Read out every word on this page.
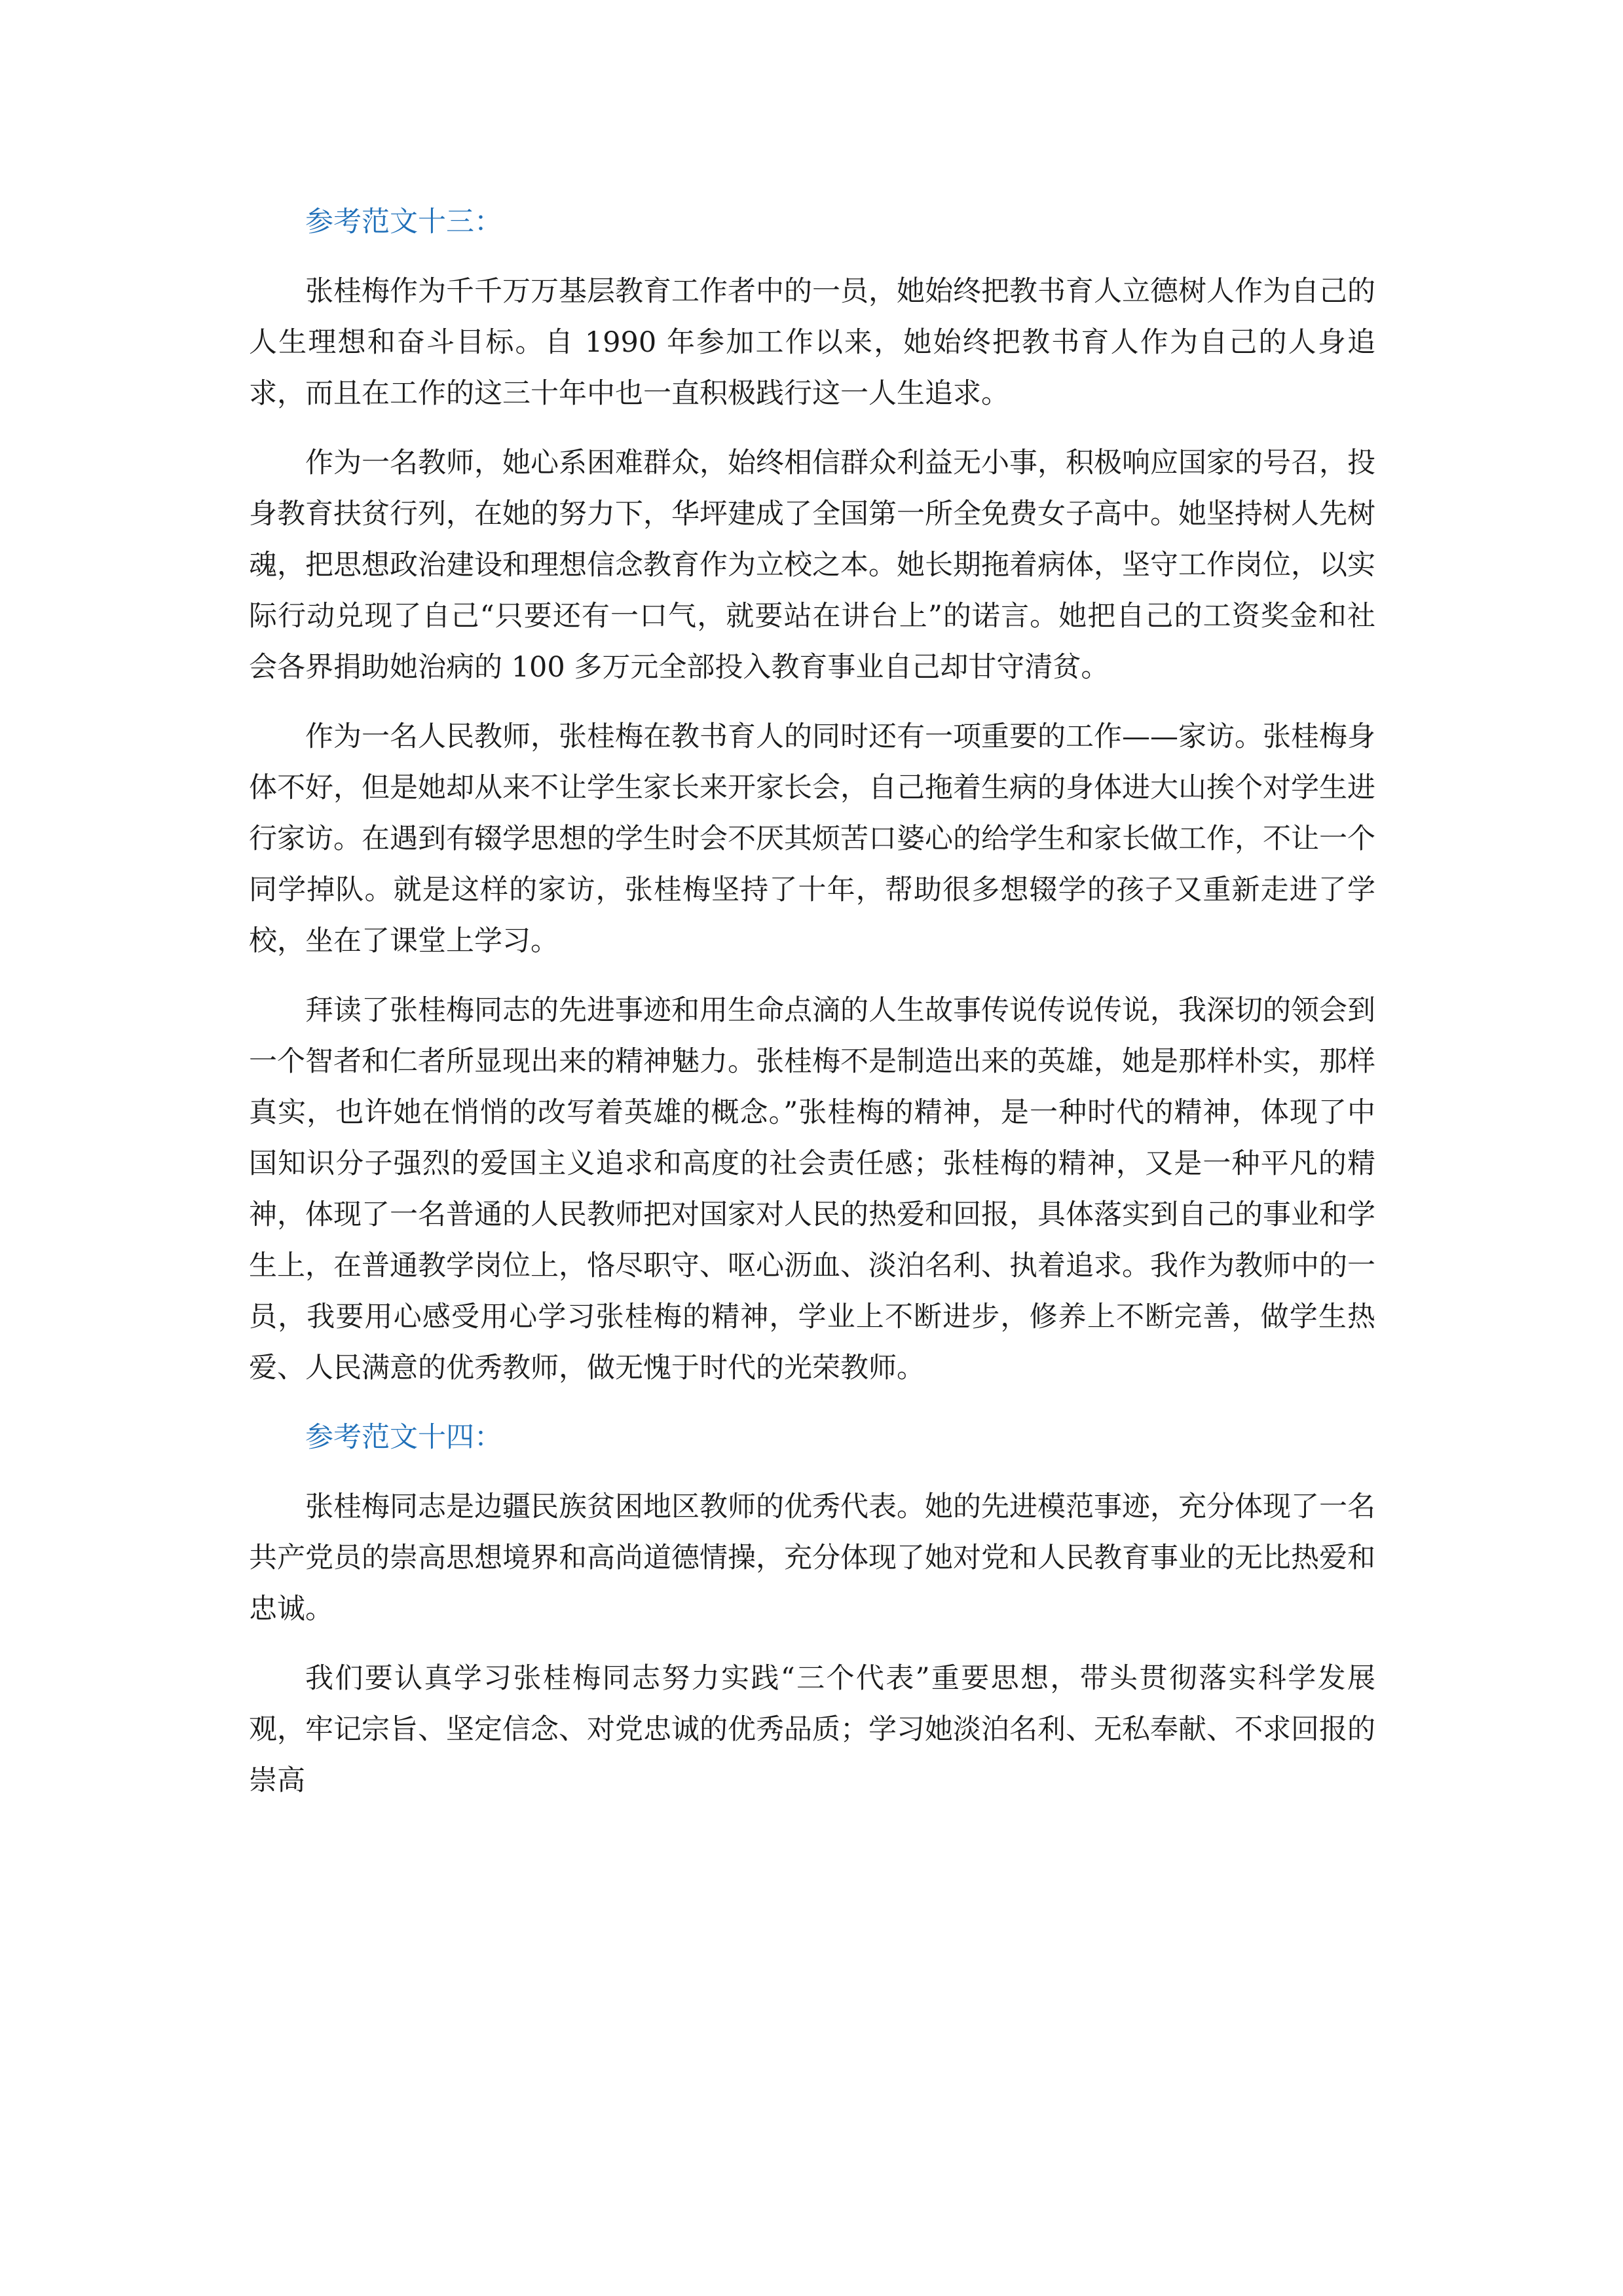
参考范文十三：

张桂梅作为千千万万基层教育工作者中的一员，她始终把教书育人立德树人作为自己的人生理想和奋斗目标。自 1990 年参加工作以来，她始终把教书育人作为自己的人身追求，而且在工作的这三十年中也一直积极践行这一人生追求。

作为一名教师，她心系困难群众，始终相信群众利益无小事，积极响应国家的号召，投身教育扶贫行列，在她的努力下，华坪建成了全国第一所全免费女子高中。她坚持树人先树魂，把思想政治建设和理想信念教育作为立校之本。她长期拖着病体，坚守工作岗位，以实际行动兑现了自己“只要还有一口气，就要站在讲台上”的诺言。她把自己的工资奖金和社会各界捐助她治病的 100 多万元全部投入教育事业自己却甘守清贫。

作为一名人民教师，张桂梅在教书育人的同时还有一项重要的工作——家访。张桂梅身体不好，但是她却从来不让学生家长来开家长会，自己拖着生病的身体进大山挨个对学生进行家访。在遇到有辍学思想的学生时会不厌其烦苦口婆心的给学生和家长做工作，不让一个同学掉队。就是这样的家访，张桂梅坚持了十年，帮助很多想辍学的孩子又重新走进了学校，坐在了课堂上学习。

拜读了张桂梅同志的先进事迹和用生命点滴的人生故事传说传说传说，我深切的领会到一个智者和仁者所显现出来的精神魅力。张桂梅不是制造出来的英雄，她是那样朴实，那样真实，也许她在悄悄的改写着英雄的概念。”张桂梅的精神，是一种时代的精神，体现了中国知识分子强烈的爱国主义追求和高度的社会责任感；张桂梅的精神，又是一种平凡的精神，体现了一名普通的人民教师把对国家对人民的热爱和回报，具体落实到自己的事业和学生上，在普通教学岗位上，恪尽职守、呕心沥血、淡泊名利、执着追求。我作为教师中的一员，我要用心感受用心学习张桂梅的精神，学业上不断进步，修养上不断完善，做学生热爱、人民满意的优秀教师，做无愧于时代的光荣教师。

参考范文十四：

张桂梅同志是边疆民族贫困地区教师的优秀代表。她的先进模范事迹，充分体现了一名共产党员的崇高思想境界和高尚道德情操，充分体现了她对党和人民教育事业的无比热爱和忠诚。

我们要认真学习张桂梅同志努力实践“三个代表”重要思想，带头贯彻落实科学发展观，牢记宗旨、坚定信念、对党忠诚的优秀品质；学习她淡泊名利、无私奉献、不求回报的崇高
